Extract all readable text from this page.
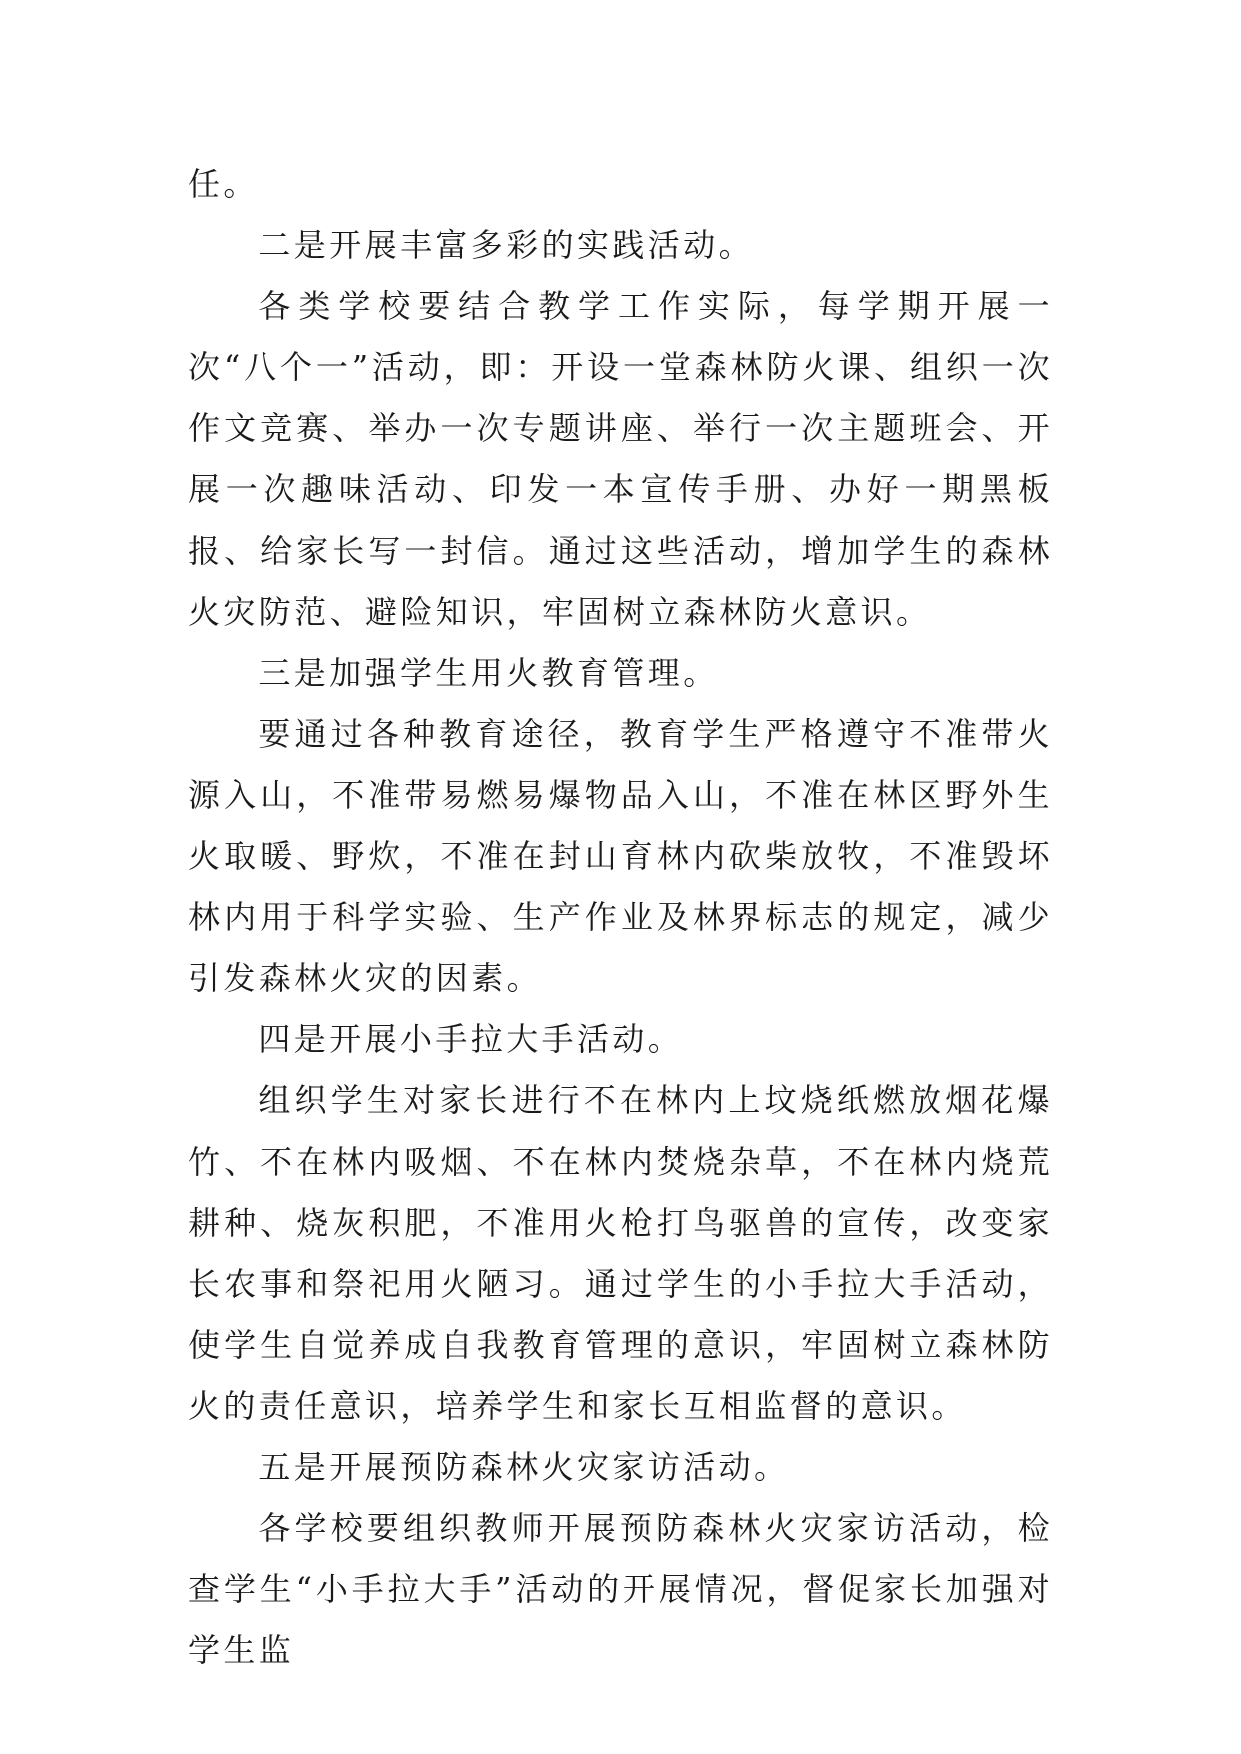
任。

二是开展丰富多彩的实践活动。

各类学校要结合教学工作实际，每学期开展一次“八个一”活动，即：开设一堂森林防火课、组织一次作文竞赛、举办一次专题讲座、举行一次主题班会、开展一次趣味活动、印发一本宣传手册、办好一期黑板报、给家长写一封信。通过这些活动，增加学生的森林火灾防范、避险知识，牢固树立森林防火意识。

三是加强学生用火教育管理。

要通过各种教育途径，教育学生严格遵守不准带火源入山，不准带易燃易爆物品入山，不准在林区野外生火取暖、野炊，不准在封山育林内砍柴放牧，不准毁坏林内用于科学实验、生产作业及林界标志的规定，减少引发森林火灾的因素。

四是开展小手拉大手活动。

组织学生对家长进行不在林内上坟烧纸燃放烟花爆竹、不在林内吸烟、不在林内焚烧杂草，不在林内烧荒耕种、烧灰积肥，不准用火枪打鸟驱兽的宣传，改变家长农事和祭祀用火陋习。通过学生的小手拉大手活动，使学生自觉养成自我教育管理的意识，牢固树立森林防火的责任意识，培养学生和家长互相监督的意识。

五是开展预防森林火灾家访活动。

各学校要组织教师开展预防森林火灾家访活动，检查学生“小手拉大手”活动的开展情况，督促家长加强对学生监
